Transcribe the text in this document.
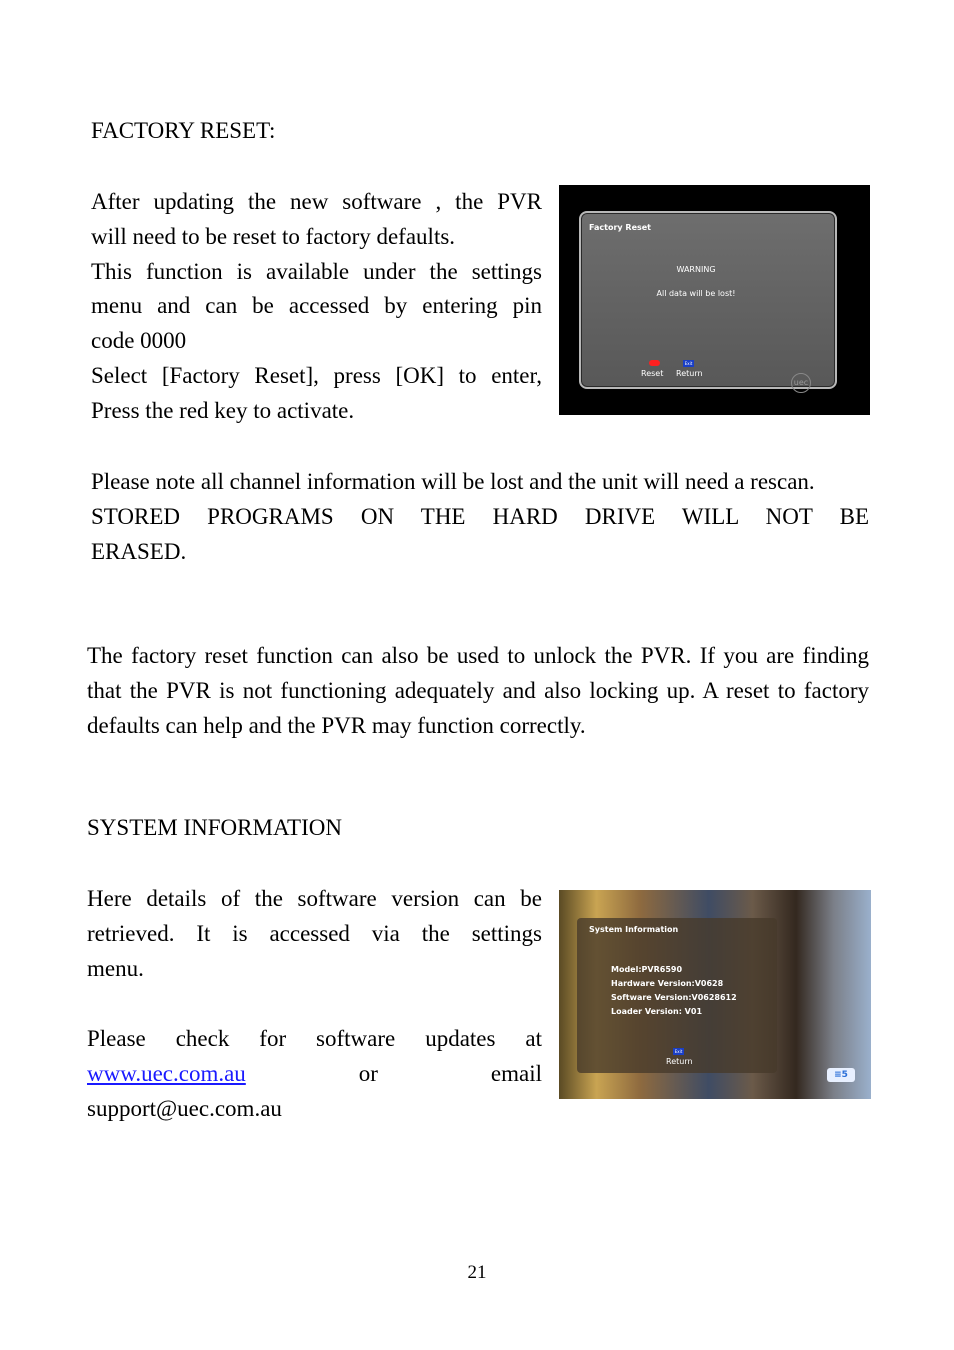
FACTORY RESET:

After updating the new software , the PVR
will need to be reset to factory defaults.
This function is available under the settings
menu and can be accessed by entering pin
code 0000
Select [Factory Reset], press [OK] to enter,
Press the red key to activate.

Factory Reset

WARNING

All data will be lost!

Exit

Reset Return

uec

Please note all channel information will be lost and the unit will need a rescan.

STORED PROGRAMS ON THE HARD DRIVE WILL NOT BE
ERASED.

The factory reset function can also be used to unlock the PVR. If you are finding that the PVR is not functioning adequately and also locking up. A reset to factory defaults can help and the PVR may function correctly.

SYSTEM INFORMATION

Here details of the software version can be
retrieved. It is accessed via the settings
menu.
Please check for software updates at
www.uec.com.au	or	email
support@uec.com.au

System Information

Model:PVR6590

Hardware Version:V0628

Software Version:V0628612

Loader Version: V01

Exit

Return

≡5
21
